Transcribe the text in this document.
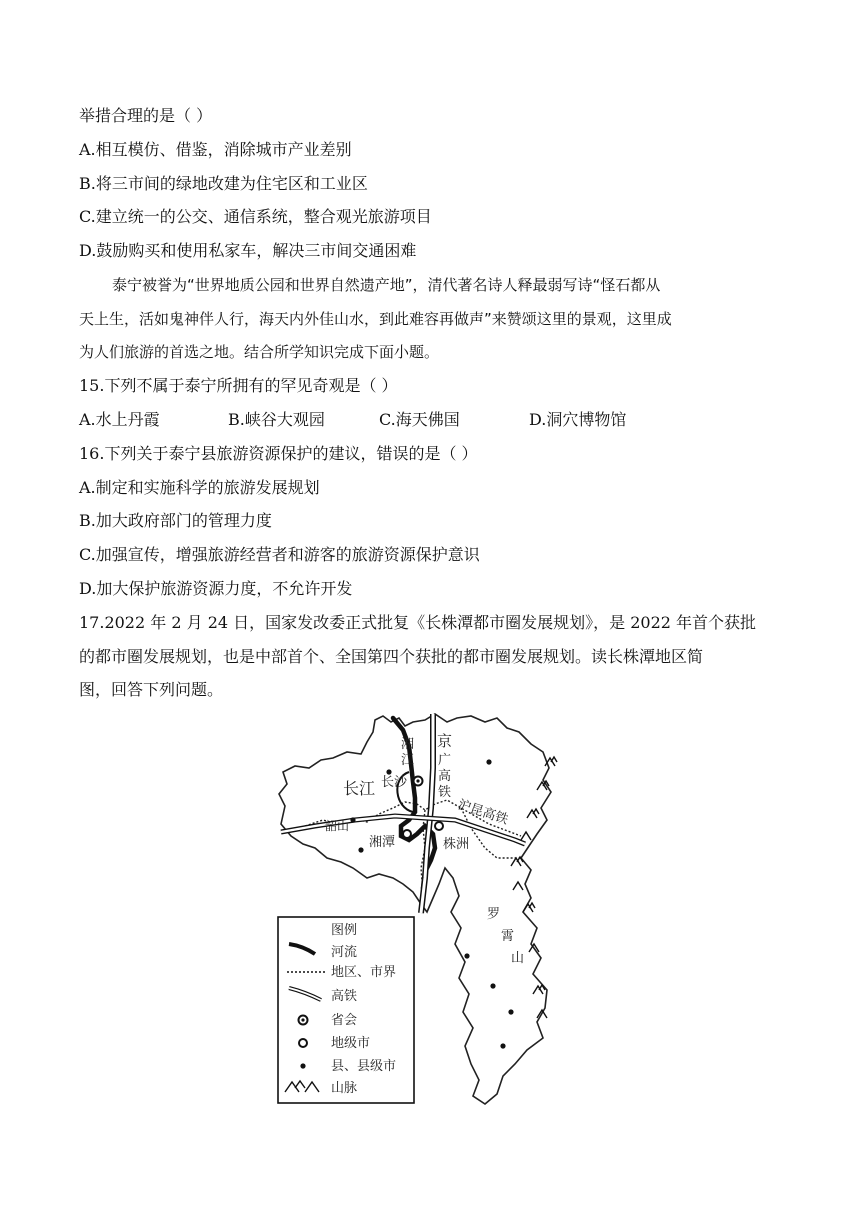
举措合理的是（ ）
A.相互模仿、借鉴，消除城市产业差别
B.将三市间的绿地改建为住宅区和工业区
C.建立统一的公交、通信系统，整合观光旅游项目
D.鼓励购买和使用私家车，解决三市间交通困难
泰宁被誉为“世界地质公园和世界自然遗产地”，清代著名诗人释最弱写诗“怪石都从
天上生，活如鬼神伴人行，海天内外佳山水，到此难容再做声”来赞颂这里的景观，这里成
为人们旅游的首选之地。结合所学知识完成下面小题。
15.下列不属于泰宁所拥有的罕见奇观是（ ）
A.水上丹霞	B.峡谷大观园	C.海天佛国	D.洞穴博物馆
16.下列关于泰宁县旅游资源保护的建议，错误的是（ ）
A.制定和实施科学的旅游发展规划
B.加大政府部门的管理力度
C.加强宣传，增强旅游经营者和游客的旅游资源保护意识
D.加大保护旅游资源力度，不允许开发
17.2022 年 2 月 24 日，国家发改委正式批复《长株潭都市圈发展规划》，是 2022 年首个获批
的都市圈发展规划，也是中部首个、全国第四个获批的都市圈发展规划。读长株潭地区简
图，回答下列问题。
湘
江
京
广
高
铁
长江 长沙
韶山
湘潭	株洲
沪昆高铁
罗
霄
山
图例
河流
地区、市界
高铁
省会
地级市
县、县级市
山脉
